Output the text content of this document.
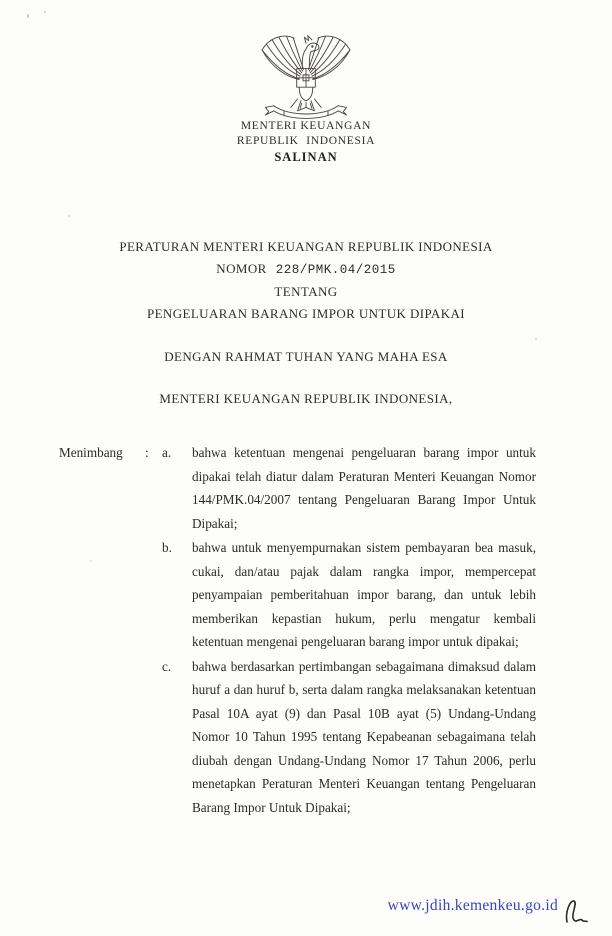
MENTERI KEUANGAN
REPUBLIK INDONESIA
SALINAN
PERATURAN MENTERI KEUANGAN REPUBLIK INDONESIA
NOMOR 228/PMK.04/2015
TENTANG
PENGELUARAN BARANG IMPOR UNTUK DIPAKAI
DENGAN RAHMAT TUHAN YANG MAHA ESA
MENTERI KEUANGAN REPUBLIK INDONESIA,
Menimbang	:	a.	bahwa ketentuan mengenai pengeluaran barang impor untuk dipakai telah diatur dalam Peraturan Menteri Keuangan Nomor 144/PMK.04/2007 tentang Pengeluaran Barang Impor Untuk Dipakai;
b.	bahwa untuk menyempurnakan sistem pembayaran bea masuk, cukai, dan/atau pajak dalam rangka impor, mempercepat penyampaian pemberitahuan impor barang, dan untuk lebih memberikan kepastian hukum, perlu mengatur kembali ketentuan mengenai pengeluaran barang impor untuk dipakai;
c.	bahwa berdasarkan pertimbangan sebagaimana dimaksud dalam huruf a dan huruf b, serta dalam rangka melaksanakan ketentuan Pasal 10A ayat (9) dan Pasal 10B ayat (5) Undang-Undang Nomor 10 Tahun 1995 tentang Kepabeanan sebagaimana telah diubah dengan Undang-Undang Nomor 17 Tahun 2006, perlu menetapkan Peraturan Menteri Keuangan tentang Pengeluaran Barang Impor Untuk Dipakai;
www.jdih.kemenkeu.go.id
